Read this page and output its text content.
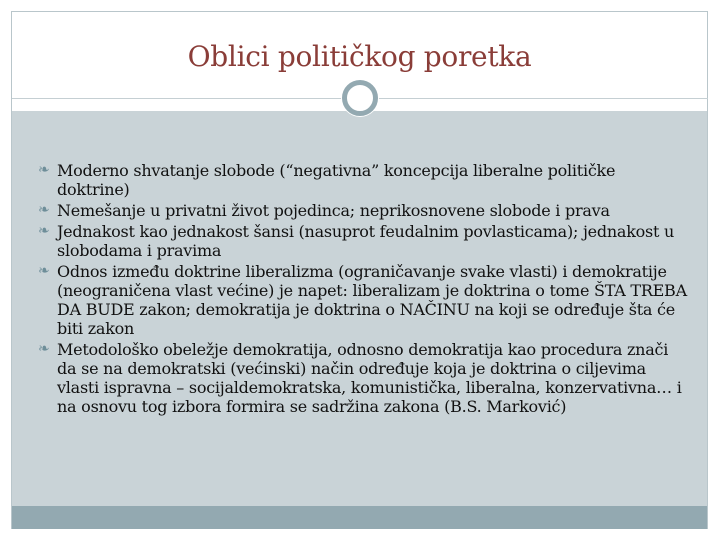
Oblici političkog poretka
❧ Moderno shvatanje slobode (“negativna” koncepcija liberalne političke doktrine)
❧ Nemešanje u privatni život pojedinca; neprikosnovene slobode i prava
❧ Jednakost kao jednakost šansi (nasuprot feudalnim povlasticama); jednakost u slobodama i pravima
❧ Odnos između doktrine liberalizma (ograničavanje svake vlasti) i demokratije (neograničena vlast većine) je napet: liberalizam je doktrina o tome ŠTA TREBA DA BUDE zakon; demokratija je doktrina o NAČINU na koji se određuje šta će biti zakon
❧ Metodološko obeležje demokratija, odnosno demokratija kao procedura znači da se na demokratski (većinski) način određuje koja je doktrina o ciljevima vlasti ispravna – socijaldemokratska, komunistička, liberalna, konzervativna… i na osnovu tog izbora formira se sadržina zakona (B.S. Marković)
